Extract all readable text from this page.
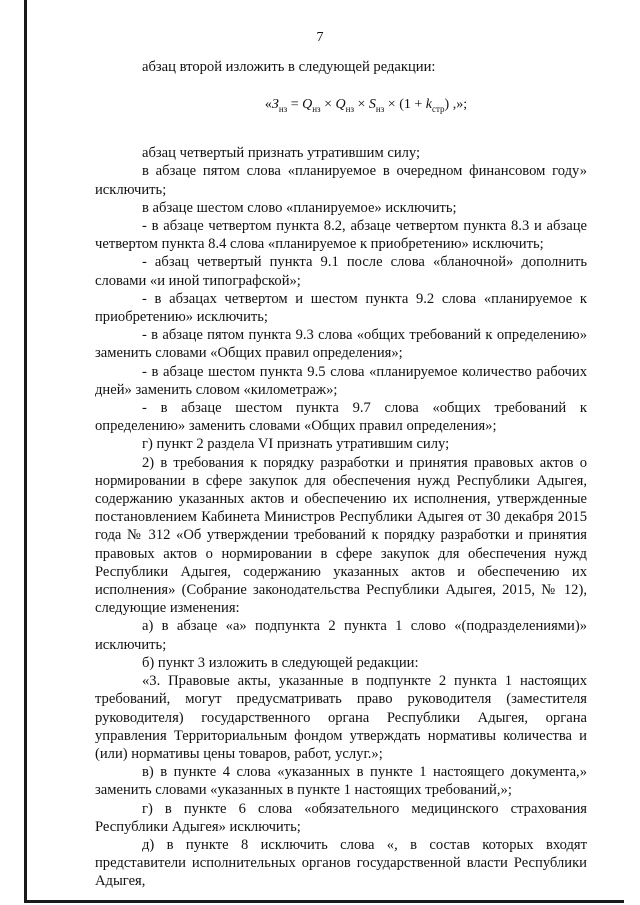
7

абзац второй изложить в следующей редакции:

«$З_{нз} = Q_{нз} \times Q_{нз} \times S_{нз} \times (1 + k_{стр})$ ,»;

абзац четвертый признать утратившим силу;

в абзаце пятом слова «планируемое в очередном финансовом году» исключить;

в абзаце шестом слово «планируемое» исключить;

- в абзаце четвертом пункта 8.2, абзаце четвертом пункта 8.3 и абзаце четвертом пункта 8.4 слова «планируемое к приобретению» исключить;

- абзац четвертый пункта 9.1 после слова «бланочной» дополнить словами «и иной типографской»;

- в абзацах четвертом и шестом пункта 9.2 слова «планируемое к приобретению» исключить;

- в абзаце пятом пункта 9.3 слова «общих требований к определению» заменить словами «Общих правил определения»;

- в абзаце шестом пункта 9.5 слова «планируемое количество рабочих дней» заменить словом «километраж»;

- в абзаце шестом пункта 9.7 слова «общих требований к определению» заменить словами «Общих правил определения»;

г) пункт 2 раздела VI признать утратившим силу;

2) в требования к порядку разработки и принятия правовых актов о нормировании в сфере закупок для обеспечения нужд Республики Адыгея, содержанию указанных актов и обеспечению их исполнения, утвержденные постановлением Кабинета Министров Республики Адыгея от 30 декабря 2015 года № 312 «Об утверждении требований к порядку разработки и принятия правовых актов о нормировании в сфере закупок для обеспечения нужд Республики Адыгея, содержанию указанных актов и обеспечению их исполнения» (Собрание законодательства Республики Адыгея, 2015, № 12), следующие изменения:

а) в абзаце «а» подпункта 2 пункта 1 слово «(подразделениями)» исключить;

б) пункт 3 изложить в следующей редакции:

«3. Правовые акты, указанные в подпункте 2 пункта 1 настоящих требований, могут предусматривать право руководителя (заместителя руководителя) государственного органа Республики Адыгея, органа управления Территориальным фондом утверждать нормативы количества и (или) нормативы цены товаров, работ, услуг.»;

в) в пункте 4 слова «указанных в пункте 1 настоящего документа,» заменить словами «указанных в пункте 1 настоящих требований,»;

г) в пункте 6 слова «обязательного медицинского страхования Республики Адыгея» исключить;

д) в пункте 8 исключить слова «, в состав которых входят представители исполнительных органов государственной власти Республики Адыгея,
